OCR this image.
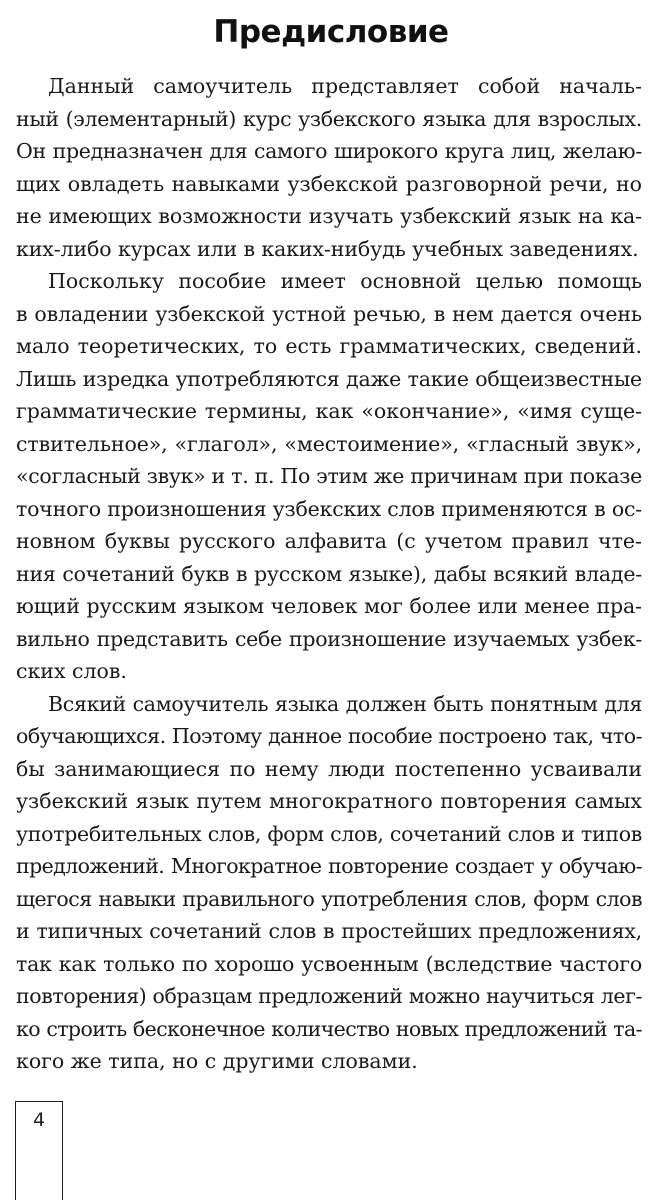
Предисловие
Данный самоучитель представляет собой началь-
ный (элементарный) курс узбекского языка для взрослых.
Он предназначен для самого широкого круга лиц, желаю-
щих овладеть навыками узбекской разговорной речи, но
не имеющих возможности изучать узбекский язык на ка-
ких-либо курсах или в каких-нибудь учебных заведениях.
Поскольку пособие имеет основной целью помощь
в овладении узбекской устной речью, в нем дается очень
мало теоретических, то есть грамматических, сведений.
Лишь изредка употребляются даже такие общеизвестные
грамматические термины, как «окончание», «имя суще-
ствительное», «глагол», «местоимение», «гласный звук»,
«согласный звук» и т. п. По этим же причинам при показе
точного произношения узбекских слов применяются в ос-
новном буквы русского алфавита (с учетом правил чте-
ния сочетаний букв в русском языке), дабы всякий владе-
ющий русским языком человек мог более или менее пра-
вильно представить себе произношение изучаемых узбек-
ских слов.
Всякий самоучитель языка должен быть понятным для
обучающихся. Поэтому данное пособие построено так, что-
бы занимающиеся по нему люди постепенно усваивали
узбекский язык путем многократного повторения самых
употребительных слов, форм слов, сочетаний слов и типов
предложений. Многократное повторение создает у обучаю-
щегося навыки правильного употребления слов, форм слов
и типичных сочетаний слов в простейших предложениях,
так как только по хорошо усвоенным (вследствие частого
повторения) образцам предложений можно научиться лег-
ко строить бесконечное количество новых предложений та-
кого же типа, но с другими словами.
4
